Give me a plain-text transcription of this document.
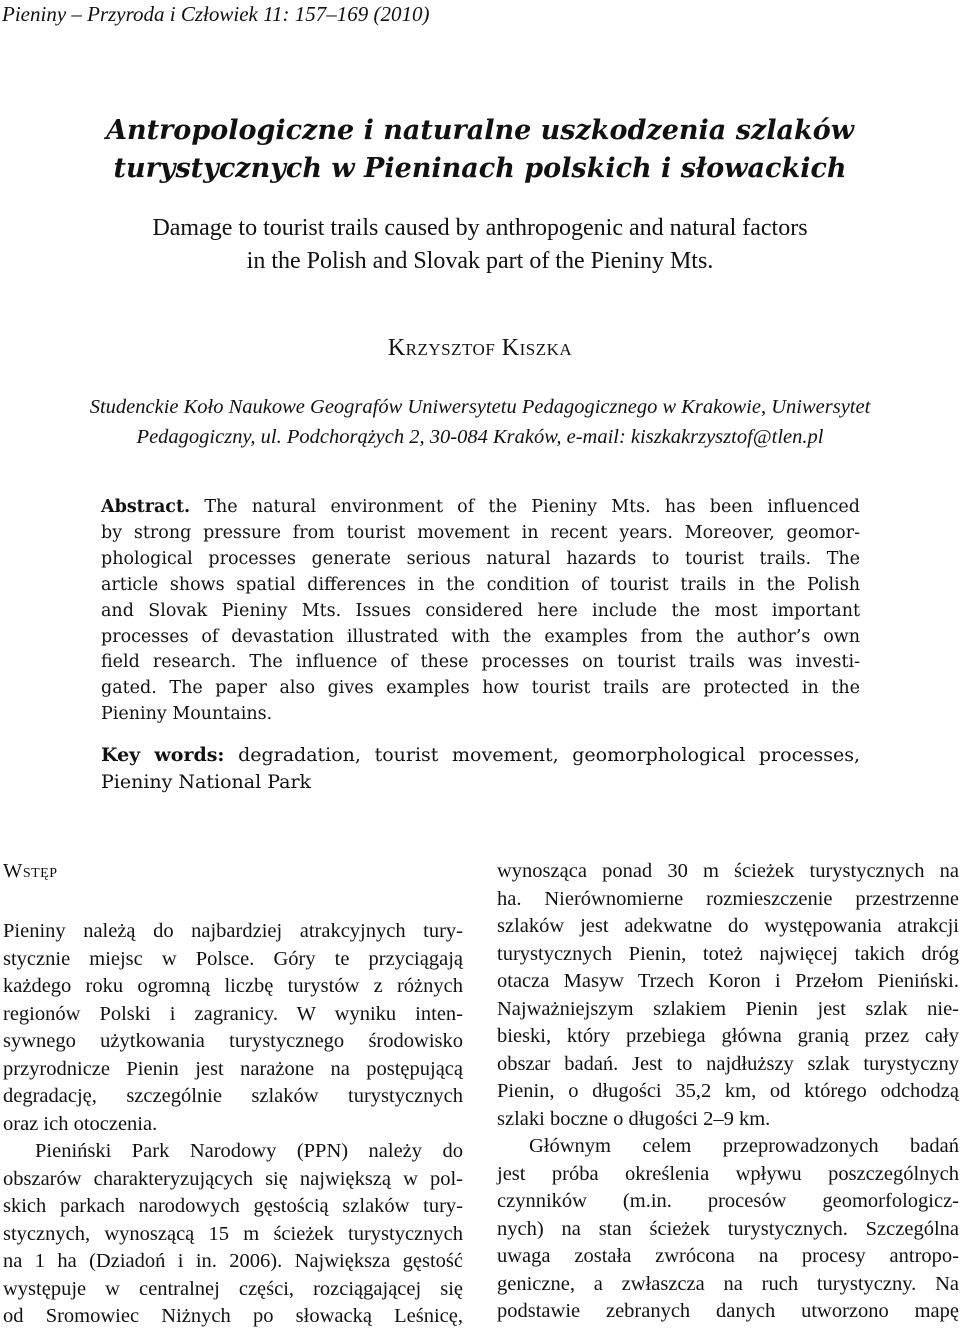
Pieniny – Przyroda i Człowiek 11: 157–169 (2010)
Antropologiczne i naturalne uszkodzenia szlaków
turystycznych w Pieninach polskich i słowackich
Damage to tourist trails caused by anthropogenic and natural factors
in the Polish and Slovak part of the Pieniny Mts.
Krzysztof Kiszka
Studenckie Koło Naukowe Geografów Uniwersytetu Pedagogicznego w Krakowie, Uniwersytet
Pedagogiczny, ul. Podchorążych 2, 30-084 Kraków, e-mail: kiszkakrzysztof@tlen.pl
Abstract. The natural environment of the Pieniny Mts. has been influenced
by strong pressure from tourist movement in recent years. Moreover, geomor-
phological processes generate serious natural hazards to tourist trails. The
article shows spatial differences in the condition of tourist trails in the Polish
and Slovak Pieniny Mts. Issues considered here include the most important
processes of devastation illustrated with the examples from the author’s own
field research. The influence of these processes on tourist trails was investi-
gated. The paper also gives examples how tourist trails are protected in the
Pieniny Mountains.
Key words: degradation, tourist movement, geomorphological processes,
Pieniny National Park
Wstęp
Pieniny należą do najbardziej atrakcyjnych tury-
stycznie miejsc w Polsce. Góry te przyciągają
każdego roku ogromną liczbę turystów z różnych
regionów Polski i zagranicy. W wyniku inten-
sywnego użytkowania turystycznego środowisko
przyrodnicze Pienin jest narażone na postępującą
degradację, szczególnie szlaków turystycznych
oraz ich otoczenia.
Pieniński Park Narodowy (PPN) należy do
obszarów charakteryzujących się największą w pol-
skich parkach narodowych gęstością szlaków tury-
stycznych, wynoszącą 15 m ścieżek turystycznych
na 1 ha (Dziadoń i in. 2006). Największa gęstość
występuje w centralnej części, rozciągającej się
od Sromowiec Niżnych po słowacką Leśnicę,
wynosząca ponad 30 m ścieżek turystycznych na
ha. Nierównomierne rozmieszczenie przestrzenne
szlaków jest adekwatne do występowania atrakcji
turystycznych Pienin, toteż najwięcej takich dróg
otacza Masyw Trzech Koron i Przełom Pieniński.
Najważniejszym szlakiem Pienin jest szlak nie-
bieski, który przebiega główna granią przez cały
obszar badań. Jest to najdłuższy szlak turystyczny
Pienin, o długości 35,2 km, od którego odchodzą
szlaki boczne o długości 2–9 km.
Głównym celem przeprowadzonych badań
jest próba określenia wpływu poszczególnych
czynników (m.in. procesów geomorfologicz-
nych) na stan ścieżek turystycznych. Szczególna
uwaga została zwrócona na procesy antropo-
geniczne, a zwłaszcza na ruch turystyczny. Na
podstawie zebranych danych utworzono mapę
